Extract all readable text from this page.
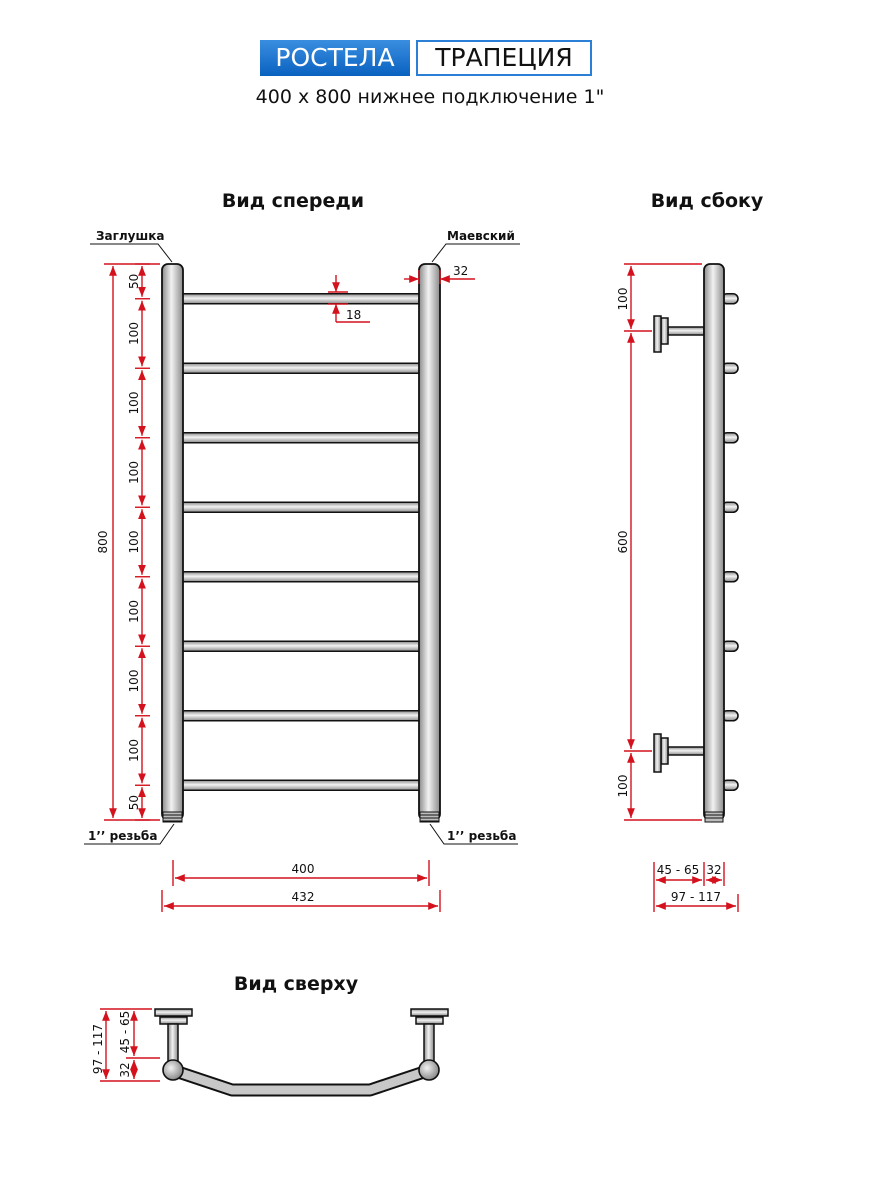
РОСТЕЛА	ТРАПЕЦИЯ
400 x 800 нижнее подключение 1"
Вид спереди	Вид сбоку
Вид сверху
Заглушка	Маевский
1’’ резьба	1’’ резьба
800
50
100
100
100
100
100
100
100
50
32
18
400
432
100
600
100
45 - 65 32
97 - 117
97 - 117 45 - 65
32
